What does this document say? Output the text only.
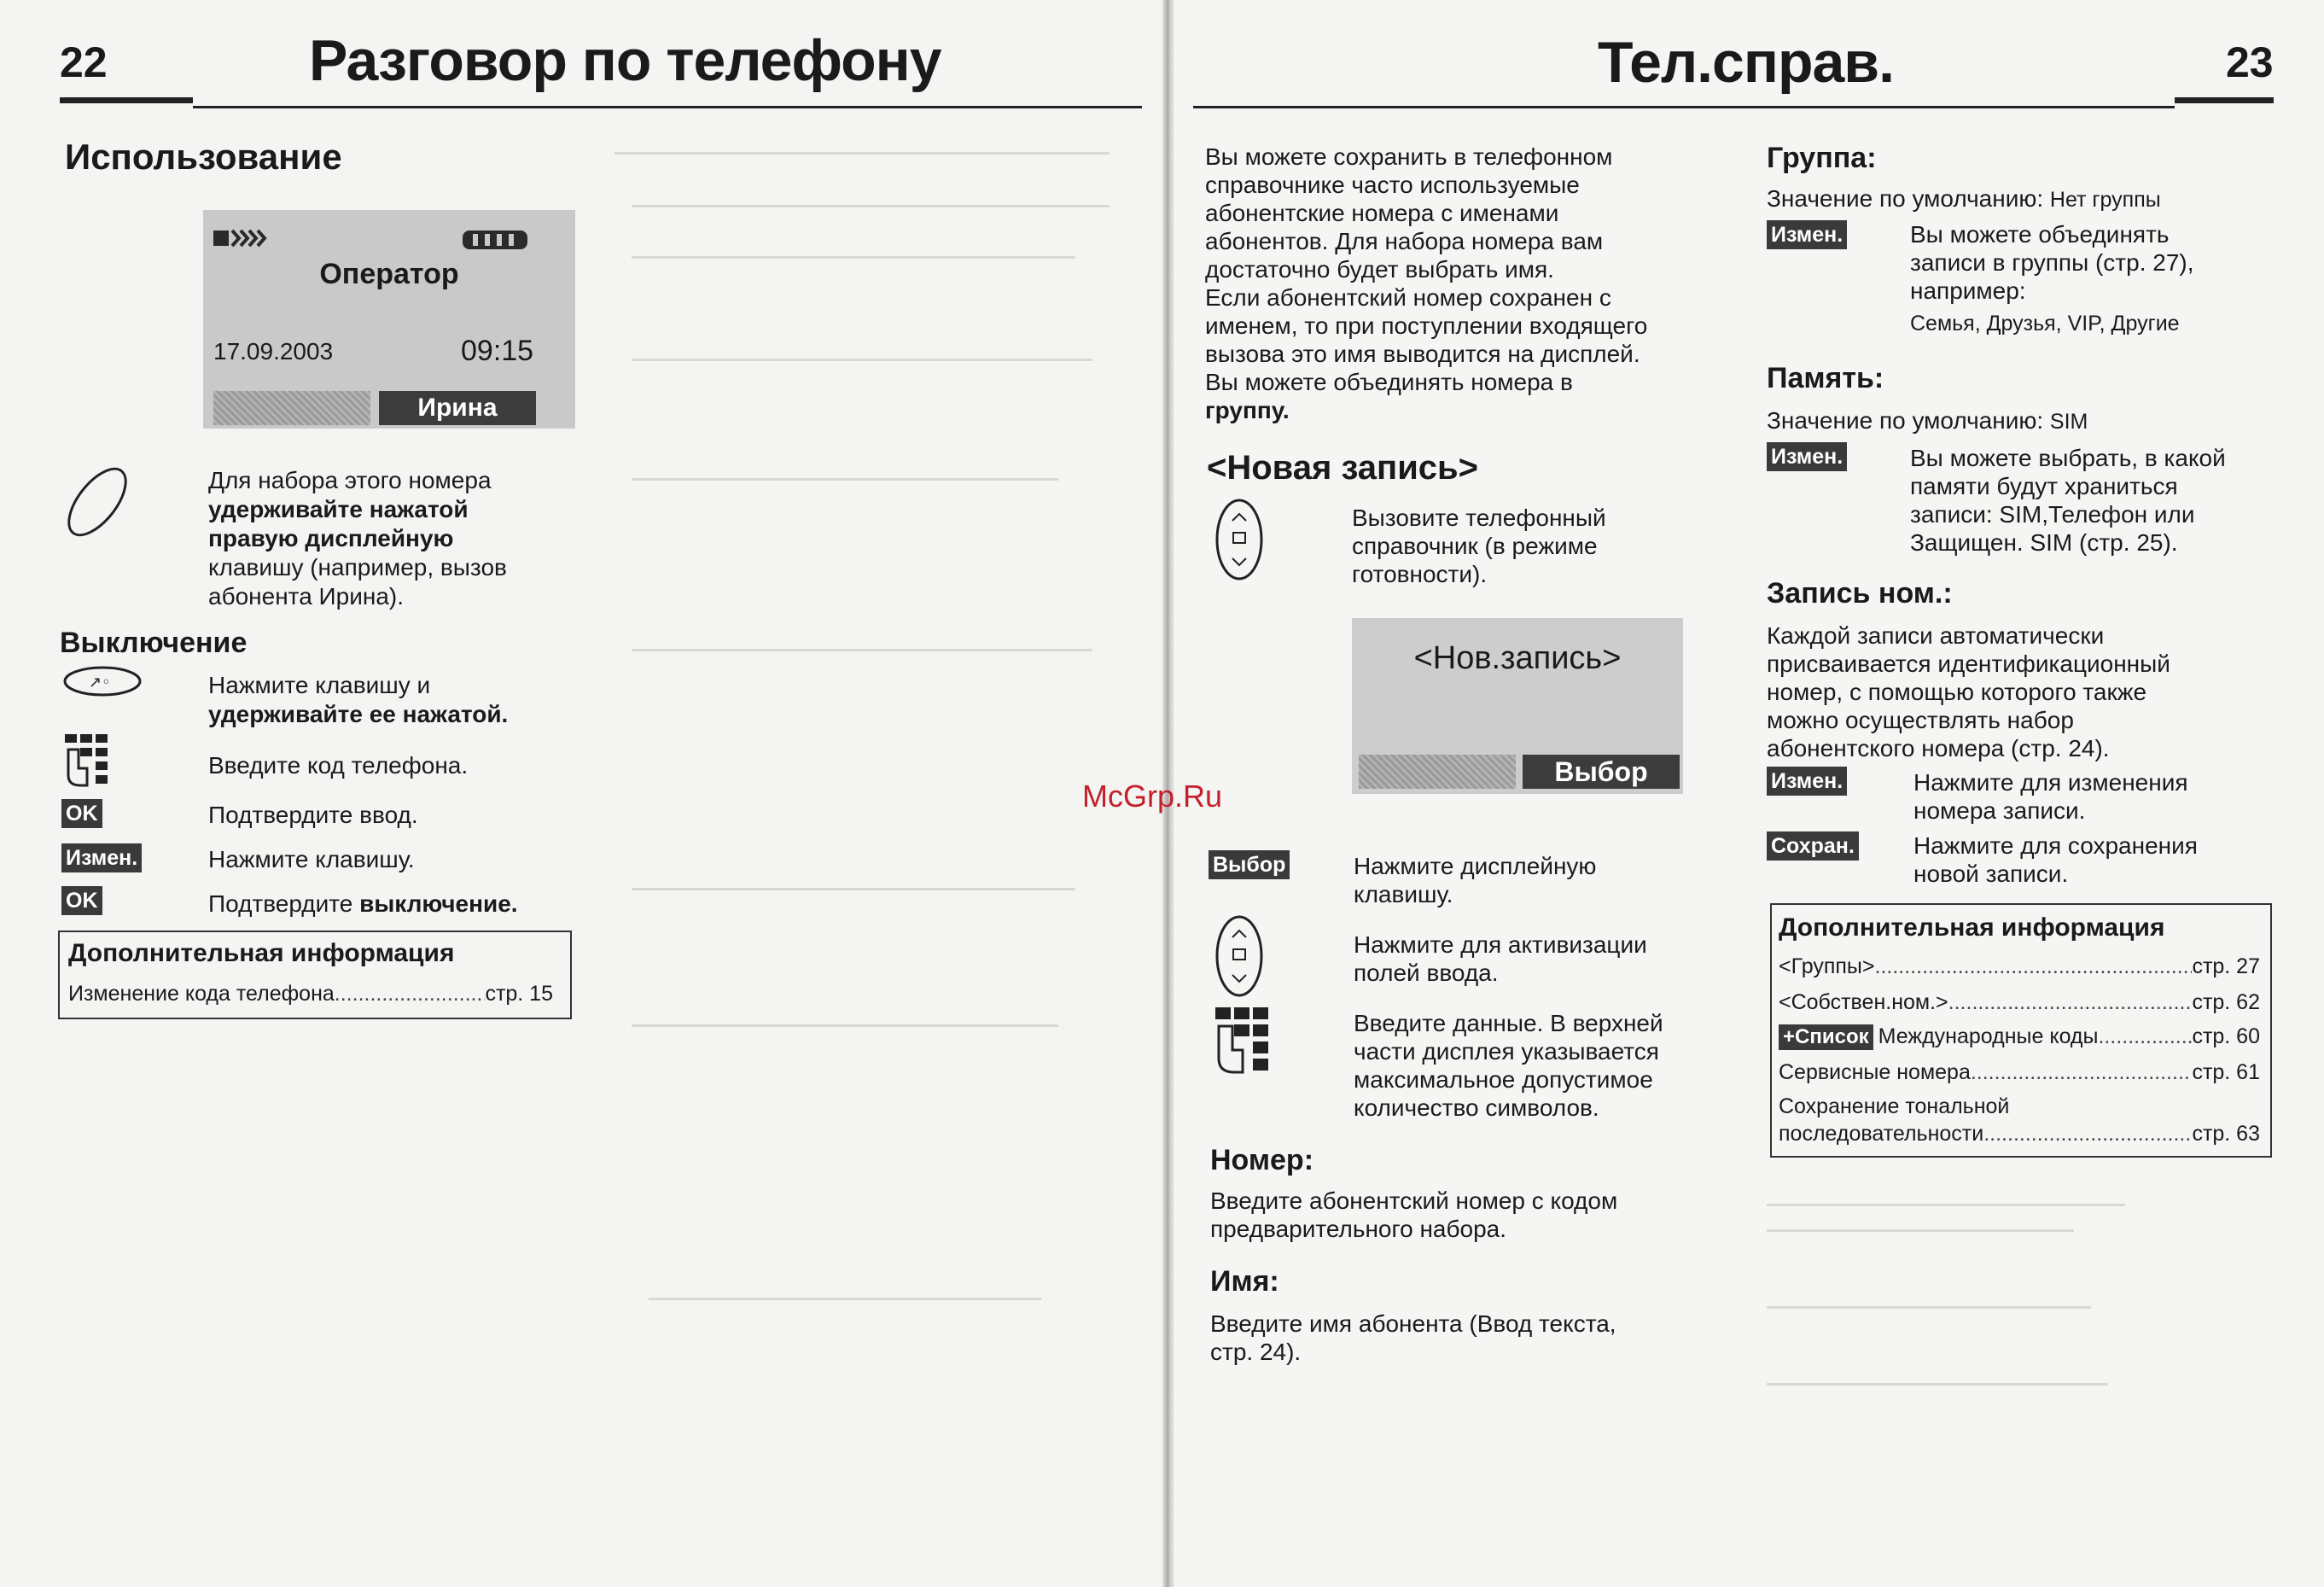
22	Разговор по телефону
Использование
Оператор
17.09.2003	09:15
Ирина
Для набора этого номера
удерживайте нажатой
правую дисплейную
клавишу (например, вызов
абонента Ирина).
Выключение
↗◦	Нажмите клавишу и
удерживайте ее нажатой.
Введите код телефона.
OK	Подтвердите ввод.
Измен.	Нажмите клавишу.
OK	Подтвердите выключение.
Дополнительная информация
Изменение кода телефона .....	стр. 15
Тел.справ.	23
Вы можете сохранить в телефонном
справочнике часто используемые
абонентские номера с именами
абонентов. Для набора номера вам
достаточно будет выбрать имя.
Если абонентский номер сохранен с
именем, то при поступлении входящего
вызова это имя выводится на дисплей.
Вы можете объединять номера в
группу.
<Новая запись>
Вызовите телефонный
справочник (в режиме
готовности).
<Нов.запись>
Выбор
Выбор	Нажмите дисплейную
клавишу.
Нажмите для активизации
полей ввода.
Введите данные. В верхней
части дисплея указывается
максимальное допустимое
количество символов.
Номер:
Введите абонентский номер с кодом
предварительного набора.
Имя:
Введите имя абонента (Ввод текста,
стр. 24).
Группа:
Значение по умолчанию: Нет группы
Измен.	Вы можете объединять
записи в группы (стр. 27),
например:
Семья, Друзья, VIP, Другие
Память:
Значение по умолчанию: SIM
Измен.	Вы можете выбрать, в какой
памяти будут храниться
записи: SIM,Телефон или
Защищен. SIM (стр. 25).
Запись ном.:
Каждой записи автоматически
присваивается идентификационный
номер, с помощью которого также
можно осуществлять набор
абонентского номера (стр. 24).
Измен.	Нажмите для изменения
номера записи.
Сохран. Нажмите для сохранения
новой записи.
Дополнительная информация
<Группы> .....	стр. 27
<Собствен.ном.> .....	стр. 62
+Список Международные коды .....	стр. 60
Сервисные номера .....	стр. 61
Сохранение тональной
последовательности .....	стр. 63
McGrp.Ru
